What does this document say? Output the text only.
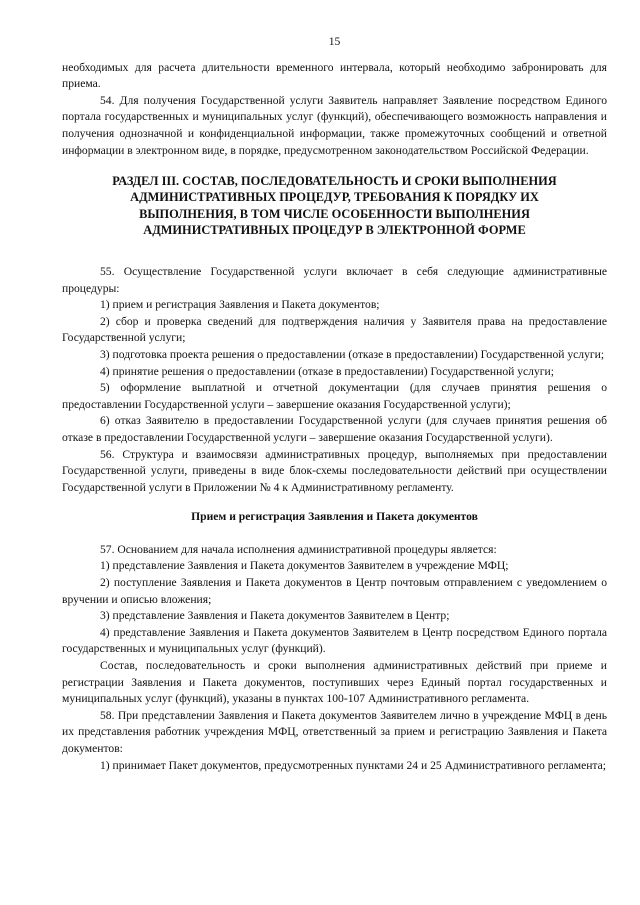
15

необходимых для расчета длительности временного интервала, который необходимо забронировать для приема.

54. Для получения Государственной услуги Заявитель направляет Заявление посредством Единого портала государственных и муниципальных услуг (функций), обеспечивающего возможность направления и получения однозначной и конфиденциальной информации, также промежуточных сообщений и ответной информации в электронном виде, в порядке, предусмотренном законодательством Российской Федерации.

РАЗДЕЛ III. СОСТАВ, ПОСЛЕДОВАТЕЛЬНОСТЬ И СРОКИ ВЫПОЛНЕНИЯ АДМИНИСТРАТИВНЫХ ПРОЦЕДУР, ТРЕБОВАНИЯ К ПОРЯДКУ ИХ ВЫПОЛНЕНИЯ, В ТОМ ЧИСЛЕ ОСОБЕННОСТИ ВЫПОЛНЕНИЯ АДМИНИСТРАТИВНЫХ ПРОЦЕДУР В ЭЛЕКТРОННОЙ ФОРМЕ

55. Осуществление Государственной услуги включает в себя следующие административные процедуры:

1) прием и регистрация Заявления и Пакета документов;

2) сбор и проверка сведений для подтверждения наличия у Заявителя права на предоставление Государственной услуги;

3) подготовка проекта решения о предоставлении (отказе в предоставлении) Государственной услуги;

4) принятие решения о предоставлении (отказе в предоставлении) Государственной услуги;

5) оформление выплатной и отчетной документации (для случаев принятия решения о предоставлении Государственной услуги – завершение оказания Государственной услуги);

6) отказ Заявителю в предоставлении Государственной услуги (для случаев принятия решения об отказе в предоставлении Государственной услуги – завершение оказания Государственной услуги).

56. Структура и взаимосвязи административных процедур, выполняемых при предоставлении Государственной услуги, приведены в виде блок-схемы последовательности действий при осуществлении Государственной услуги в Приложении № 4 к Административному регламенту.

Прием и регистрация Заявления и Пакета документов

57. Основанием для начала исполнения административной процедуры является:

1) представление Заявления и Пакета документов Заявителем в учреждение МФЦ;

2) поступление Заявления и Пакета документов в Центр почтовым отправлением с уведомлением о вручении и описью вложения;

3) представление Заявления и Пакета документов Заявителем в Центр;

4) представление Заявления и Пакета документов Заявителем в Центр посредством Единого портала государственных и муниципальных услуг (функций).

Состав, последовательность и сроки выполнения административных действий при приеме и регистрации Заявления и Пакета документов, поступивших через Единый портал государственных и муниципальных услуг (функций), указаны в пунктах 100-107 Административного регламента.

58. При представлении Заявления и Пакета документов Заявителем лично в учреждение МФЦ в день их представления работник учреждения МФЦ, ответственный за прием и регистрацию Заявления и Пакета документов:

1) принимает Пакет документов, предусмотренных пунктами 24 и 25 Административного регламента;
